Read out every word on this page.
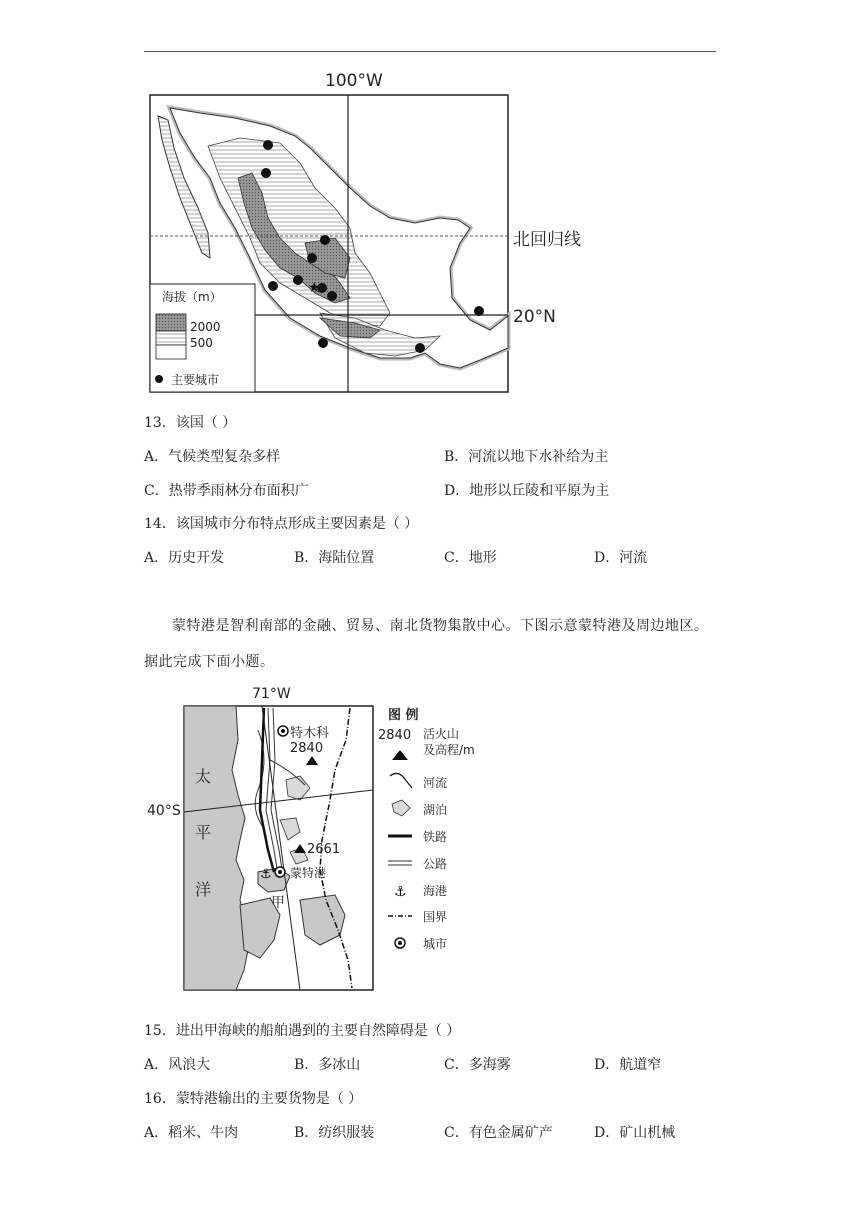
★
100°W
北回归线
20°N
海拔（m）
2000
500
主要城市
13．该国（ ）
A．气候类型复杂多样	B．河流以地下水补给为主
C．热带季雨林分布面积广	D．地形以丘陵和平原为主
14．该国城市分布特点形成主要因素是（ ）
A．历史开发	B．海陆位置	C．地形	D．河流
蒙特港是智利南部的金融、贸易、南北货物集散中心。下图示意蒙特港及周边地区。
据此完成下面小题。
⚓
⚓
71°W
40°S
太
平
洋
特木科
2840
2661
蒙特港
甲
图 例
2840 活火山
及高程/m
河流
湖泊
铁路
公路
海港
国界
城市
15．进出甲海峡的船舶遇到的主要自然障碍是（ ）
A．风浪大	B．多冰山	C．多海雾	D．航道窄
16．蒙特港输出的主要货物是（ ）
A．稻米、牛肉	B．纺织服装	C．有色金属矿产	D．矿山机械
